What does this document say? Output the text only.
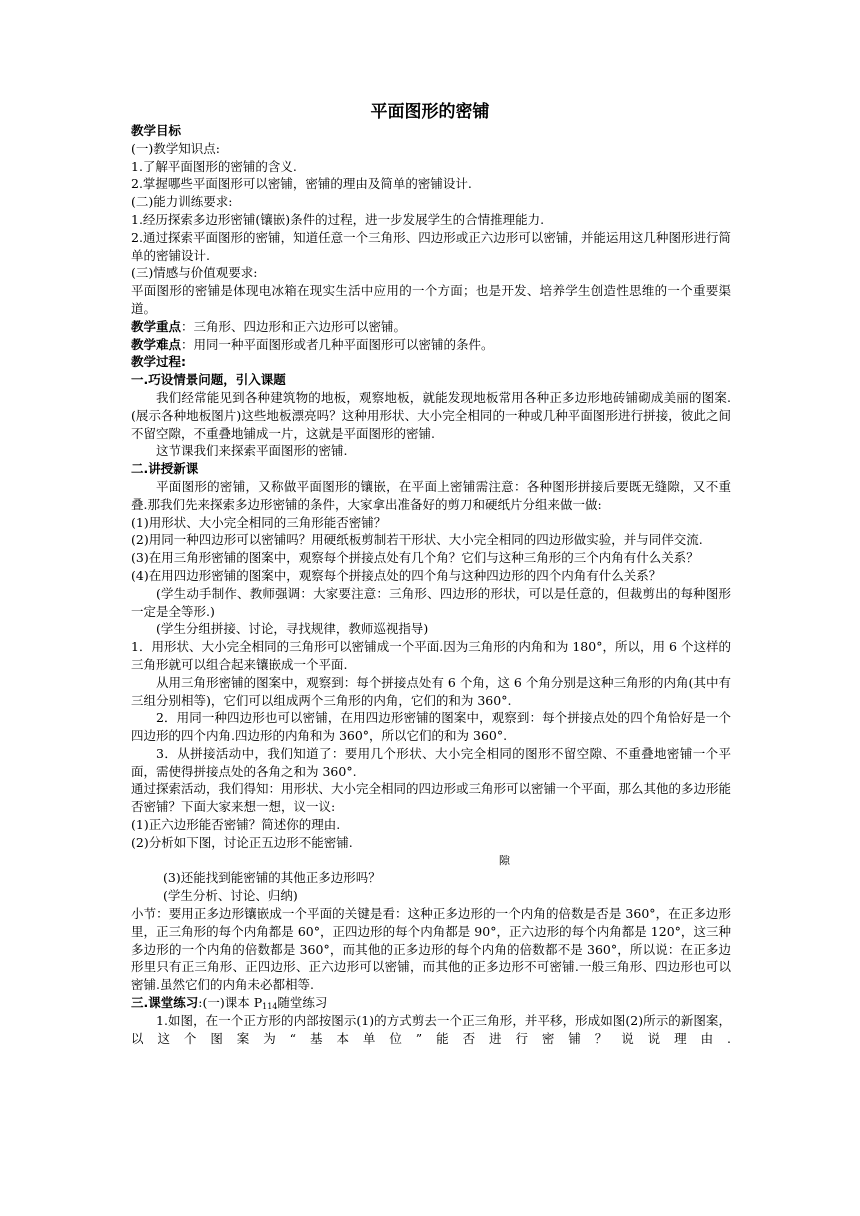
平面图形的密铺

教学目标

(一)教学知识点:

1.了解平面图形的密铺的含义.

2.掌握哪些平面图形可以密铺，密铺的理由及简单的密铺设计.

(二)能力训练要求:

1.经历探索多边形密铺(镶嵌)条件的过程，进一步发展学生的合情推理能力.

2.通过探索平面图形的密铺，知道任意一个三角形、四边形或正六边形可以密铺，并能运用这几种图形进行简单的密铺设计.

(三)情感与价值观要求:

平面图形的密铺是体现电冰箱在现实生活中应用的一个方面；也是开发、培养学生创造性思维的一个重要渠道。

教学重点：三角形、四边形和正六边形可以密铺。

教学难点：用同一种平面图形或者几种平面图形可以密铺的条件。

教学过程:

一.巧设情景问题，引入课题

我们经常能见到各种建筑物的地板，观察地板，就能发现地板常用各种正多边形地砖铺砌成美丽的图案.(展示各种地板图片)这些地板漂亮吗？这种用形状、大小完全相同的一种或几种平面图形进行拼接，彼此之间不留空隙，不重叠地铺成一片，这就是平面图形的密铺.

这节课我们来探索平面图形的密铺.

二.讲授新课

平面图形的密铺，又称做平面图形的镶嵌，在平面上密铺需注意：各种图形拼接后要既无缝隙，又不重叠.那我们先来探索多边形密铺的条件，大家拿出准备好的剪刀和硬纸片分组来做一做:

(1)用形状、大小完全相同的三角形能否密铺？

(2)用同一种四边形可以密铺吗？用硬纸板剪制若干形状、大小完全相同的四边形做实验，并与同伴交流.

(3)在用三角形密铺的图案中，观察每个拼接点处有几个角？它们与这种三角形的三个内角有什么关系？

(4)在用四边形密铺的图案中，观察每个拼接点处的四个角与这种四边形的四个内角有什么关系？

(学生动手制作、教师强调：大家要注意：三角形、四边形的形状，可以是任意的，但裁剪出的每种图形一定是全等形.)

(学生分组拼接、讨论，寻找规律，教师巡视指导)

1．用形状、大小完全相同的三角形可以密铺成一个平面.因为三角形的内角和为 180°，所以，用 6 个这样的三角形就可以组合起来镶嵌成一个平面.

从用三角形密铺的图案中，观察到：每个拼接点处有 6 个角，这 6 个角分别是这种三角形的内角(其中有三组分别相等)，它们可以组成两个三角形的内角，它们的和为 360°.

2．用同一种四边形也可以密铺，在用四边形密铺的图案中，观察到：每个拼接点处的四个角恰好是一个四边形的四个内角.四边形的内角和为 360°，所以它们的和为 360°.

3．从拼接活动中，我们知道了：要用几个形状、大小完全相同的图形不留空隙、不重叠地密铺一个平面，需使得拼接点处的各角之和为 360°.

通过探索活动，我们得知：用形状、大小完全相同的四边形或三角形可以密铺一个平面，那么其他的多边形能否密铺？下面大家来想一想，议一议:

(1)正六边形能否密铺？简述你的理由.

(2)分析如下图，讨论正五边形不能密铺.

隙

(3)还能找到能密铺的其他正多边形吗？

(学生分析、讨论、归纳)

小节：要用正多边形镶嵌成一个平面的关键是看：这种正多边形的一个内角的倍数是否是 360°，在正多边形里，正三角形的每个内角都是 60°，正四边形的每个内角都是 90°，正六边形的每个内角都是 120°，这三种多边形的一个内角的倍数都是 360°，而其他的正多边形的每个内角的倍数都不是 360°，所以说：在正多边形里只有正三角形、正四边形、正六边形可以密铺，而其他的正多边形不可密铺.一般三角形、四边形也可以密铺.虽然它们的内角未必都相等.

三.课堂练习:(一)课本 $P_{114}$随堂练习

1.如图，在一个正方形的内部按图示(1)的方式剪去一个正三角形，并平移，形成如图(2)所示的新图案，以这个图案为“基本单位”能否进行密铺？说说理由.
